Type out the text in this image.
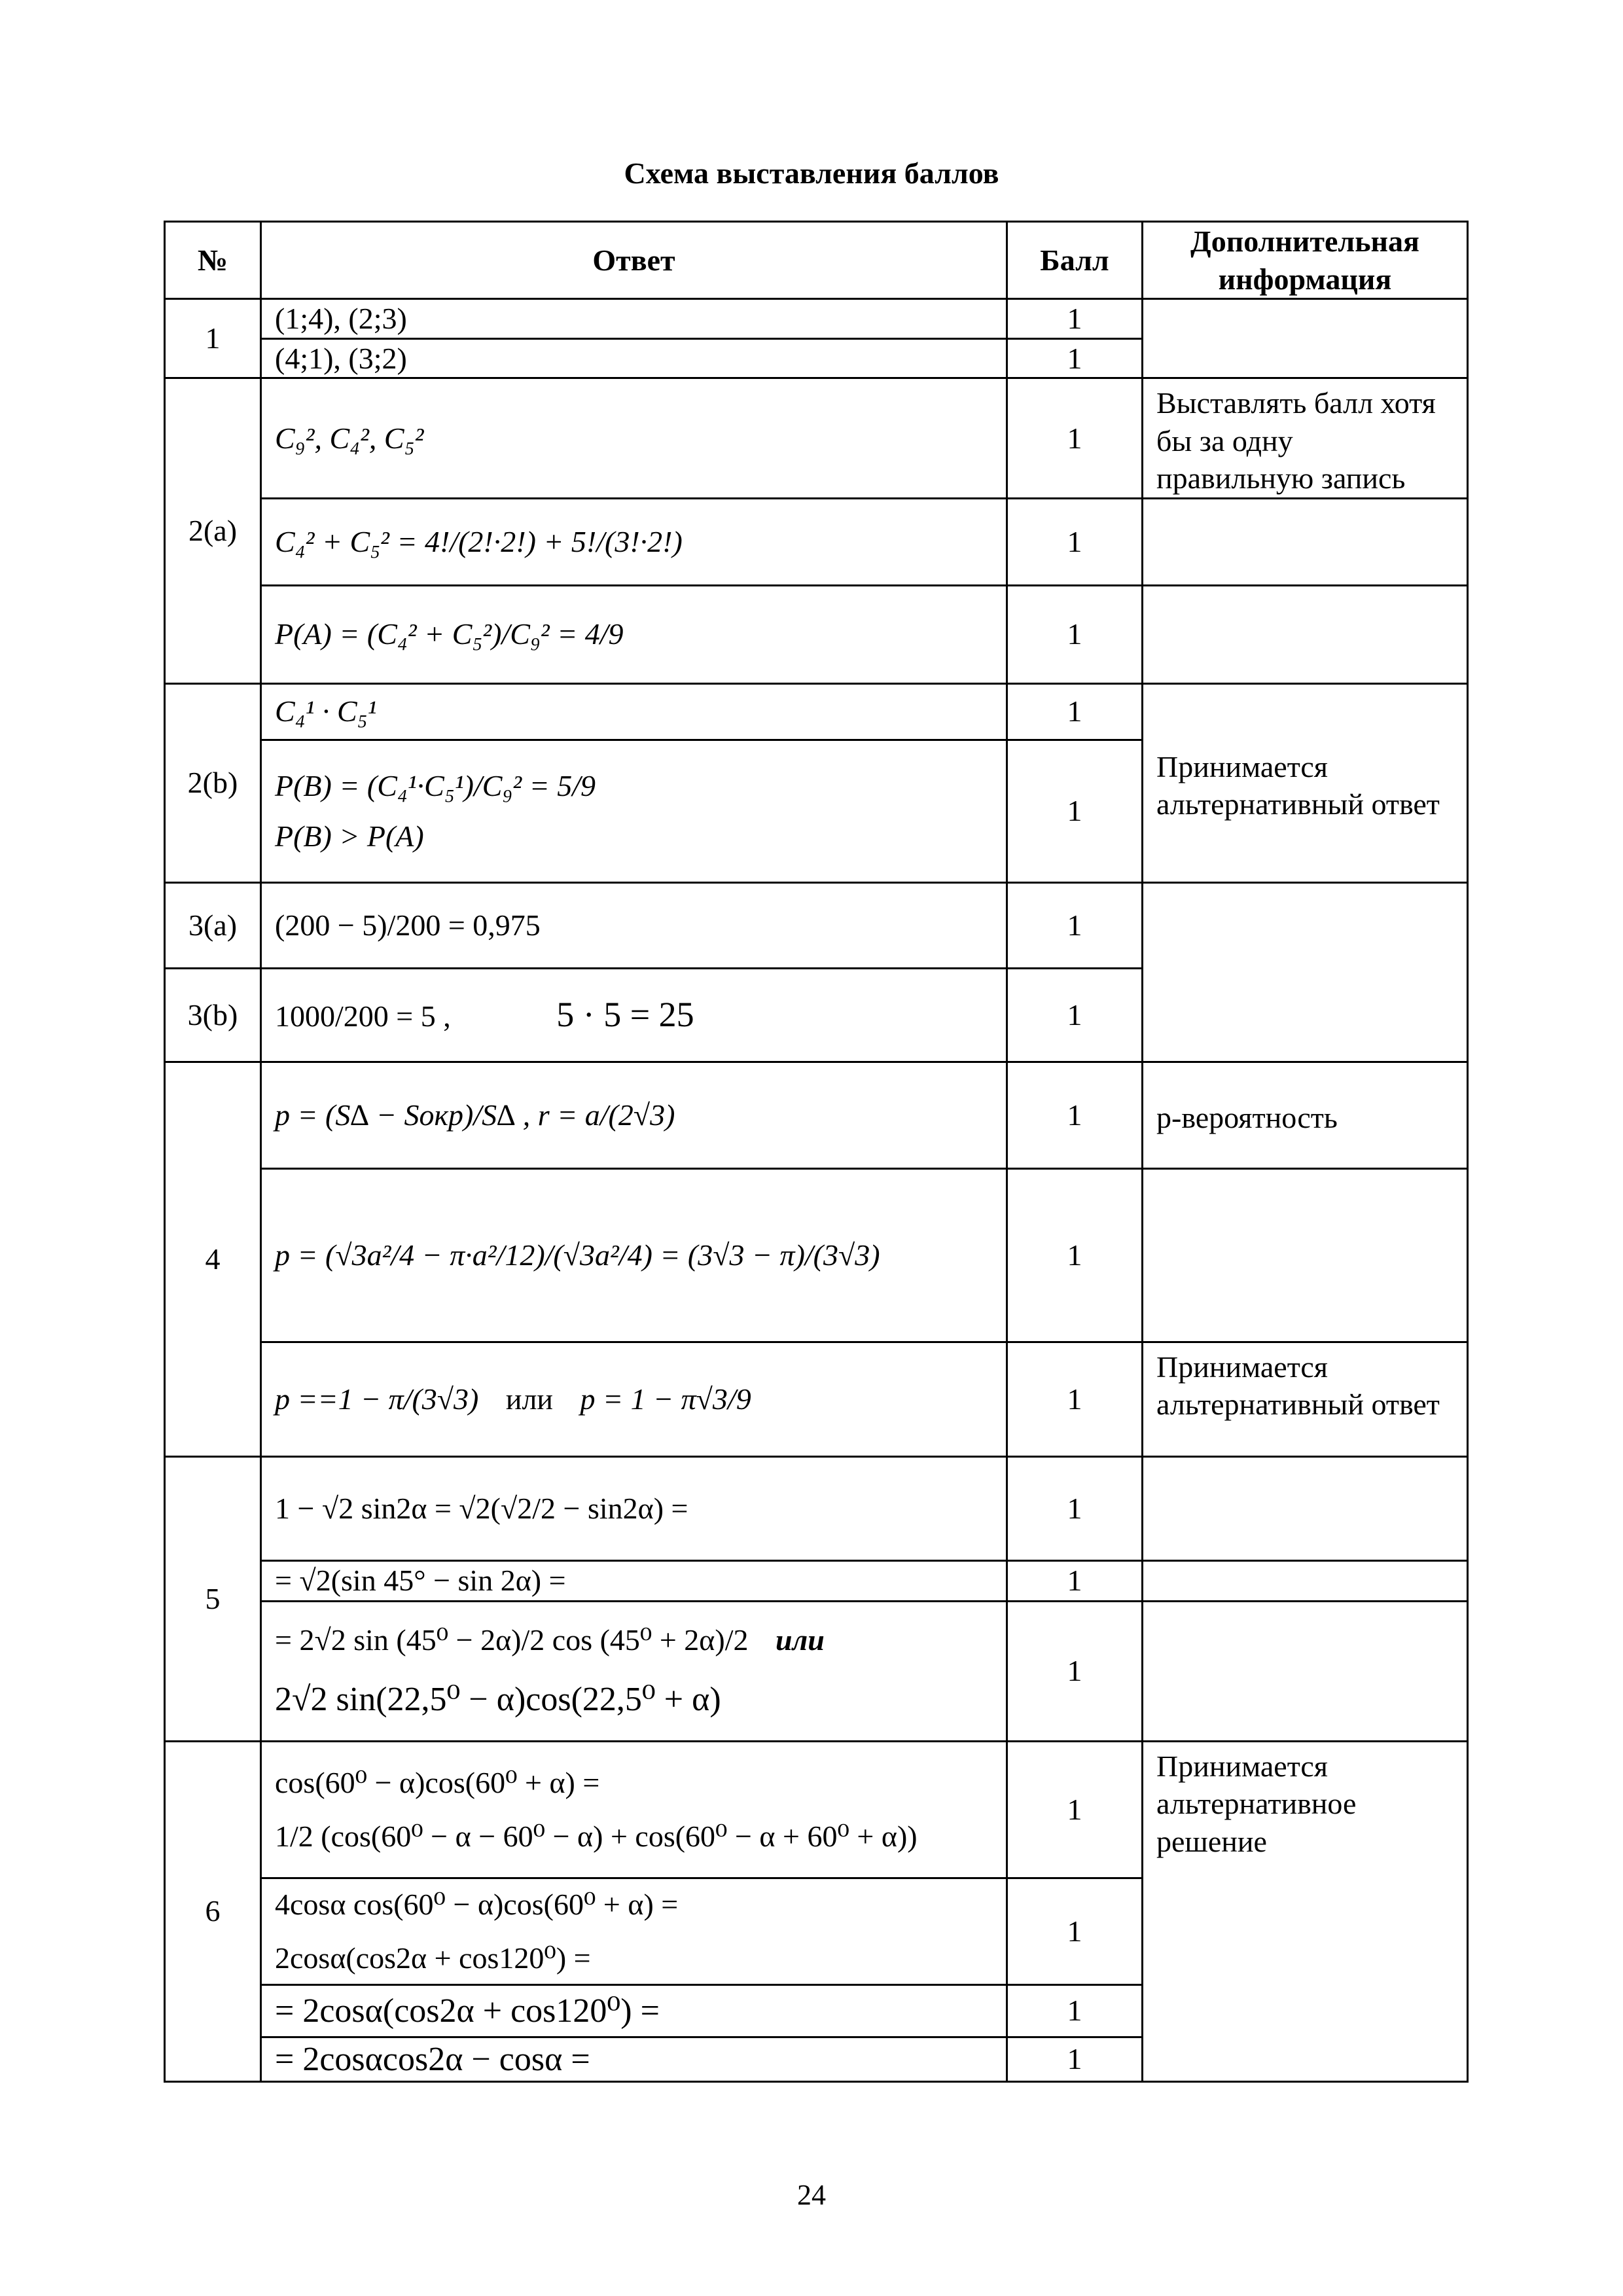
Схема выставления баллов
№	Ответ	Балл	Дополнительная информация
1	(1;4), (2;3)	1	
	(4;1), (3;2)	1	
2(a)	C₉², C₄², C₅²	1	Выставлять балл хотя бы за одну правильную запись
	C₄² + C₅² = 4!/(2!·2!) + 5!/(3!·2!)	1	
	P(A) = (C₄² + C₅²)/C₉² = 4/9	1	
2(b)	C₄¹ · C₅¹	1	Принимается альтернативный ответ

	P(B) = (C₄¹·C₅¹)/C₉² = 5/9
P(B) > P(A)	1	
3(a)	(200 − 5)/200 = 0,975	1	
3(b)	1000/200 = 5 , 5 · 5 = 25	1	
4	p = (S∆ − Sокр)/S∆ , r = a/(2√3)	1	p-вероятность
	p = (√3a²/4 − π·a²/12)/(√3a²/4) = (3√3 − π)/(3√3)	1	
	p ==1 − π/(3√3) или p = 1 − π√3/9	1	Принимается альтернативный ответ
5	1 − √2 sin2α = √2(√2/2 − sin2α) =	1	
	= √2(sin 45° − sin 2α) =	1	

	= 2√2 sin (45⁰ − 2α)/2 cos (45⁰ + 2α)/2 или
2√2 sin(22,5⁰ − α)cos(22,5⁰ + α)	1	
6	cos(60⁰ − α)cos(60⁰ + α) =
1/2 (cos(60⁰ − α − 60⁰ − α) + cos(60⁰ − α + 60⁰ + α))	1	Принимается альтернативное решение

	4cosα cos(60⁰ − α)cos(60⁰ + α) =
2cosα(cos2α + cos120⁰) =	1	
	= 2cosα(cos2α + cos120⁰) =	1	
	= 2cosαcos2α − cosα =	1	
24
